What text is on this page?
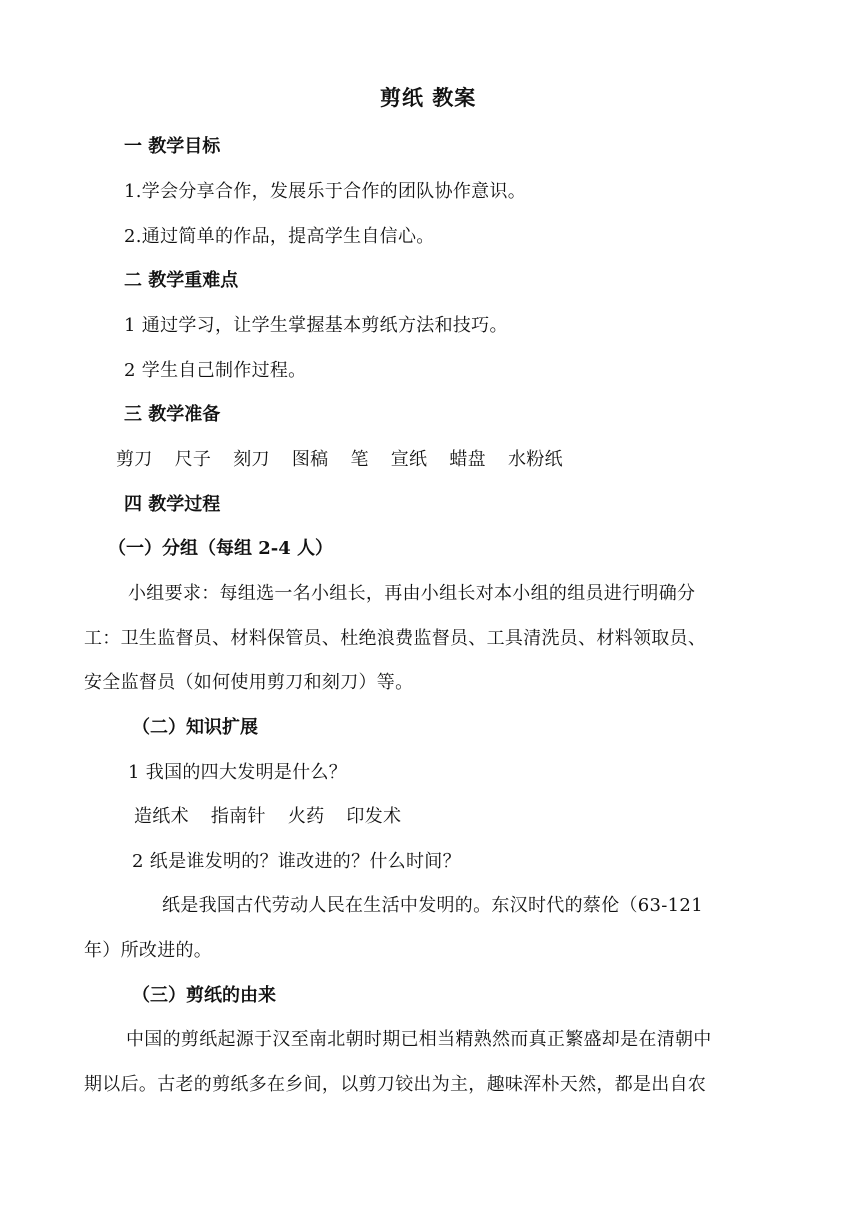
剪纸 教案
一 教学目标
1.学会分享合作，发展乐于合作的团队协作意识。
2.通过简单的作品，提高学生自信心。
二 教学重难点
1 通过学习，让学生掌握基本剪纸方法和技巧。
2 学生自己制作过程。
三 教学准备
剪刀 尺子 刻刀 图稿 笔 宣纸 蜡盘 水粉纸
四 教学过程
（一）分组（每组 2-4 人）
小组要求：每组选一名小组长，再由小组长对本小组的组员进行明确分
工：卫生监督员、材料保管员、杜绝浪费监督员、工具清洗员、材料领取员、
安全监督员（如何使用剪刀和刻刀）等。
（二）知识扩展
1 我国的四大发明是什么？
造纸术 指南针 火药 印发术
2 纸是谁发明的？谁改进的？什么时间？
纸是我国古代劳动人民在生活中发明的。东汉时代的蔡伦（63-121
年）所改进的。
（三）剪纸的由来
中国的剪纸起源于汉至南北朝时期已相当精熟然而真正繁盛却是在清朝中
期以后。古老的剪纸多在乡间，以剪刀铰出为主，趣味浑朴天然，都是出自农
